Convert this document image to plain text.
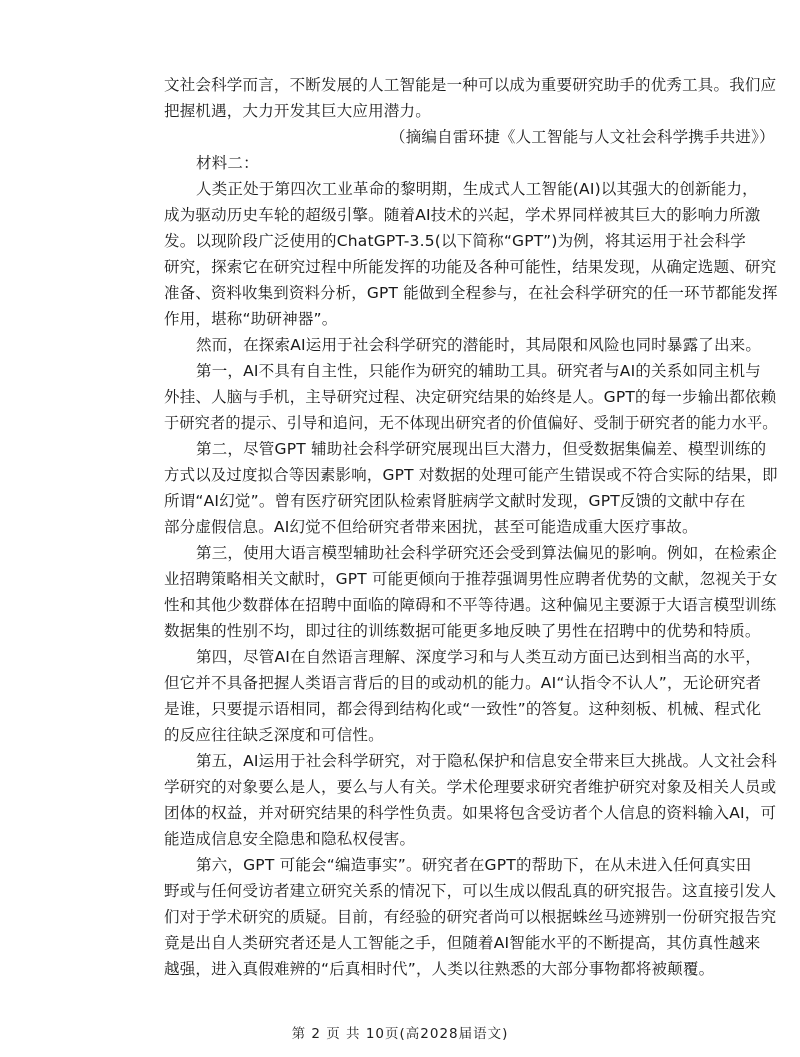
文社会科学而言，不断发展的人工智能是一种可以成为重要研究助手的优秀工具。我们应
把握机遇，大力开发其巨大应用潜力。
（摘编自雷环捷《人工智能与人文社会科学携手共进》）
材料二：
人类正处于第四次工业革命的黎明期，生成式人工智能(AI)以其强大的创新能力，
成为驱动历史车轮的超级引擎。随着AI技术的兴起，学术界同样被其巨大的影响力所激
发。以现阶段广泛使用的ChatGPT-3.5(以下简称“GPT”)为例，将其运用于社会科学
研究，探索它在研究过程中所能发挥的功能及各种可能性，结果发现，从确定选题、研究
准备、资料收集到资料分析，GPT 能做到全程参与，在社会科学研究的任一环节都能发挥
作用，堪称“助研神器”。
然而，在探索AI运用于社会科学研究的潜能时，其局限和风险也同时暴露了出来。
第一，AI不具有自主性，只能作为研究的辅助工具。研究者与AI的关系如同主机与
外挂、人脑与手机，主导研究过程、决定研究结果的始终是人。GPT的每一步输出都依赖
于研究者的提示、引导和追问，无不体现出研究者的价值偏好、受制于研究者的能力水平。
第二，尽管GPT 辅助社会科学研究展现出巨大潜力，但受数据集偏差、模型训练的
方式以及过度拟合等因素影响，GPT 对数据的处理可能产生错误或不符合实际的结果，即
所谓“AI幻觉”。曾有医疗研究团队检索肾脏病学文献时发现，GPT反馈的文献中存在
部分虚假信息。AI幻觉不但给研究者带来困扰，甚至可能造成重大医疗事故。
第三，使用大语言模型辅助社会科学研究还会受到算法偏见的影响。例如，在检索企
业招聘策略相关文献时，GPT 可能更倾向于推荐强调男性应聘者优势的文献，忽视关于女
性和其他少数群体在招聘中面临的障碍和不平等待遇。这种偏见主要源于大语言模型训练
数据集的性别不均，即过往的训练数据可能更多地反映了男性在招聘中的优势和特质。
第四，尽管AI在自然语言理解、深度学习和与人类互动方面已达到相当高的水平，
但它并不具备把握人类语言背后的目的或动机的能力。AI“认指令不认人”，无论研究者
是谁，只要提示语相同，都会得到结构化或“一致性”的答复。这种刻板、机械、程式化
的反应往往缺乏深度和可信性。
第五，AI运用于社会科学研究，对于隐私保护和信息安全带来巨大挑战。人文社会科
学研究的对象要么是人，要么与人有关。学术伦理要求研究者维护研究对象及相关人员或
团体的权益，并对研究结果的科学性负责。如果将包含受访者个人信息的资料输入AI，可
能造成信息安全隐患和隐私权侵害。
第六，GPT 可能会“编造事实”。研究者在GPT的帮助下，在从未进入任何真实田
野或与任何受访者建立研究关系的情况下，可以生成以假乱真的研究报告。这直接引发人
们对于学术研究的质疑。目前，有经验的研究者尚可以根据蛛丝马迹辨别一份研究报告究
竟是出自人类研究者还是人工智能之手，但随着AI智能水平的不断提高，其仿真性越来
越强，进入真假难辨的“后真相时代”，人类以往熟悉的大部分事物都将被颠覆。
第 2 页 共 10页(高2028届语文)
